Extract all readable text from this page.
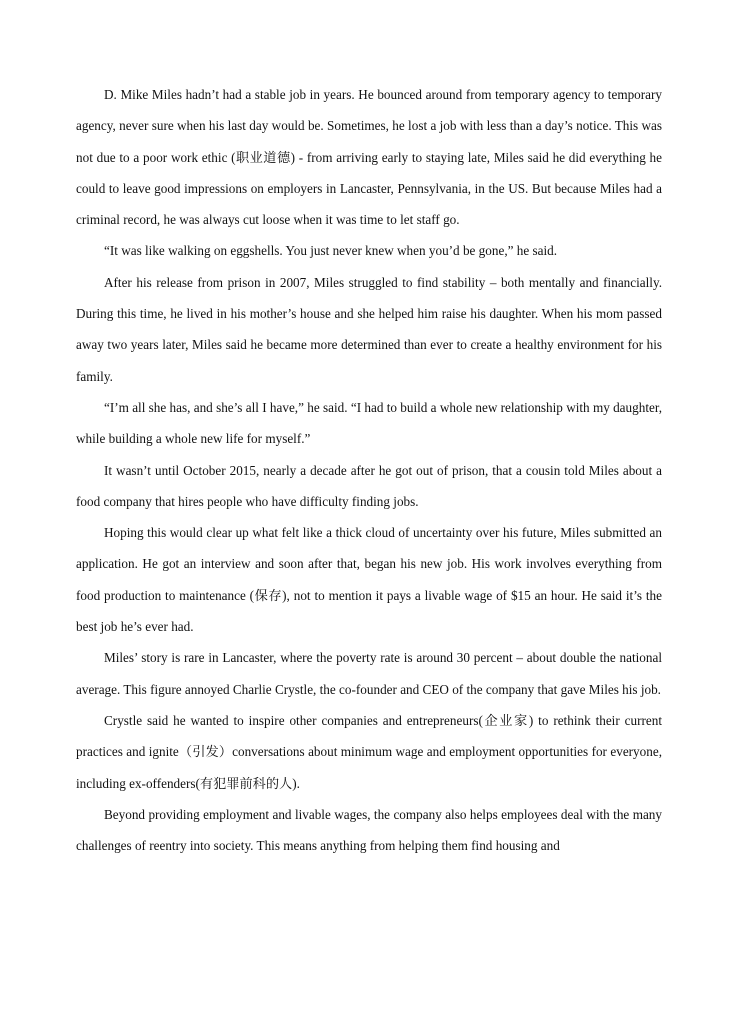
D. Mike Miles hadn’t had a stable job in years. He bounced around from temporary agency to temporary agency, never sure when his last day would be. Sometimes, he lost a job with less than a day’s notice. This was not due to a poor work ethic (职业道德) - from arriving early to staying late, Miles said he did everything he could to leave good impressions on employers in Lancaster, Pennsylvania, in the US. But because Miles had a criminal record, he was always cut loose when it was time to let staff go.

“It was like walking on eggshells. You just never knew when you’d be gone,” he said.

After his release from prison in 2007, Miles struggled to find stability – both mentally and financially. During this time, he lived in his mother’s house and she helped him raise his daughter. When his mom passed away two years later, Miles said he became more determined than ever to create a healthy environment for his family.

“I’m all she has, and she’s all I have,” he said. “I had to build a whole new relationship with my daughter, while building a whole new life for myself.”

It wasn’t until October 2015, nearly a decade after he got out of prison, that a cousin told Miles about a food company that hires people who have difficulty finding jobs.

Hoping this would clear up what felt like a thick cloud of uncertainty over his future, Miles submitted an application. He got an interview and soon after that, began his new job. His work involves everything from food production to maintenance (保存), not to mention it pays a livable wage of $15 an hour. He said it’s the best job he’s ever had.

Miles’ story is rare in Lancaster, where the poverty rate is around 30 percent – about double the national average. This figure annoyed Charlie Crystle, the co-founder and CEO of the company that gave Miles his job.

Crystle said he wanted to inspire other companies and entrepreneurs(企业家) to rethink their current practices and ignite（引发）conversations about minimum wage and employment opportunities for everyone, including ex-offenders(有犯罪前科的人).

Beyond providing employment and livable wages, the company also helps employees deal with the many challenges of reentry into society. This means anything from helping them find housing and
